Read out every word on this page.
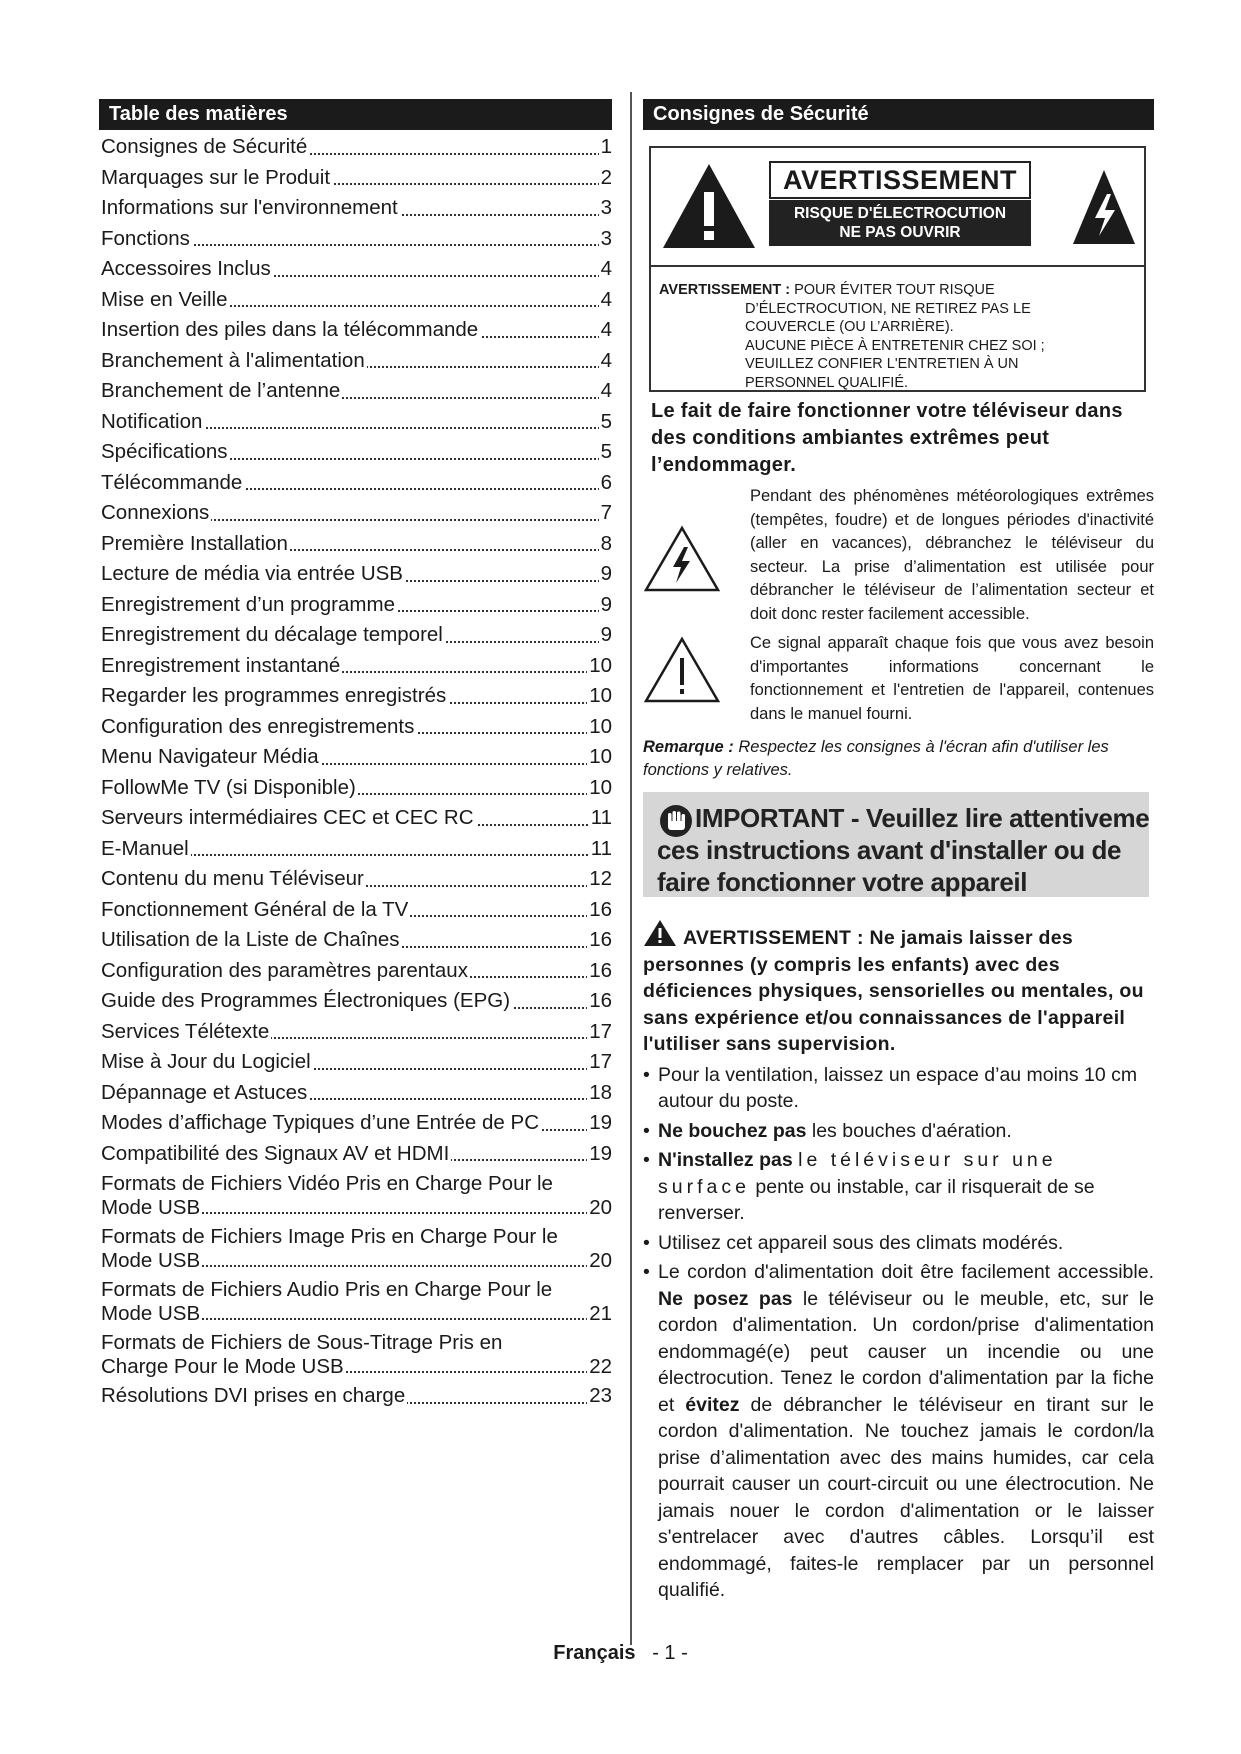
Table des matières
Consignes de Sécurité	1
Marquages sur le Produit	2
Informations sur l'environnement	3
Fonctions	3
Accessoires Inclus	4
Mise en Veille	4
Insertion des piles dans la télécommande	4
Branchement à l'alimentation	4
Branchement de l’antenne	4
Notification	5
Spécifications	5
Télécommande	6
Connexions	7
Première Installation	8
Lecture de média via entrée USB	9
Enregistrement d’un programme	9
Enregistrement du décalage temporel	9
Enregistrement instantané	10
Regarder les programmes enregistrés	10
Configuration des enregistrements	10
Menu Navigateur Média	10
FollowMe TV (si Disponible)	10
Serveurs intermédiaires CEC et CEC RC	11
E-Manuel	11
Contenu du menu Téléviseur	12
Fonctionnement Général de la TV	16
Utilisation de la Liste de Chaînes	16
Configuration des paramètres parentaux	16
Guide des Programmes Électroniques (EPG)	16
Services Télétexte	17
Mise à Jour du Logiciel	17
Dépannage et Astuces	18
Modes d’affichage Typiques d’une Entrée de PC 19
Compatibilité des Signaux AV et HDMI	19
Formats de Fichiers Vidéo Pris en Charge Pour le
Mode USB	20
Formats de Fichiers Image Pris en Charge Pour le
Mode USB	20
Formats de Fichiers Audio Pris en Charge Pour le
Mode USB	21
Formats de Fichiers de Sous-Titrage Pris en
Charge Pour le Mode USB	22
Résolutions DVI prises en charge	23
Consignes de Sécurité
AVERTISSEMENT
RISQUE D'ÉLECTROCUTION
NE PAS OUVRIR
AVERTISSEMENT : POUR ÉVITER TOUT RISQUE
D’ÉLECTROCUTION, NE RETIREZ PAS LE
COUVERCLE (OU L’ARRIÈRE).
AUCUNE PIÈCE À ENTRETENIR CHEZ SOI ;
VEUILLEZ CONFIER L'ENTRETIEN À UN
PERSONNEL QUALIFIÉ.
Le fait de faire fonctionner votre téléviseur dans des conditions ambiantes extrêmes peut l’endommager.
Pendant des phénomènes météorologiques extrêmes (tempêtes, foudre) et de longues périodes d'inactivité (aller en vacances), débranchez le téléviseur du secteur. La prise d’alimentation est utilisée pour débrancher le téléviseur de l’alimentation secteur et doit donc rester facilement accessible.
Ce signal apparaît chaque fois que vous avez besoin d'importantes informations concernant le fonctionnement et l'entretien de l'appareil, contenues dans le manuel fourni.
Remarque : Respectez les consignes à l'écran afin d'utiliser les fonctions y relatives.
IMPORTANT - Veuillez lire attentiveme
ces instructions avant d'installer ou de
faire fonctionner votre appareil
AVERTISSEMENT : Ne jamais laisser des personnes (y compris les enfants) avec des déficiences physiques, sensorielles ou mentales, ou sans expérience et/ou connaissances de l'appareil l'utiliser sans supervision.
• Pour la ventilation, laissez un espace d’au moins 10 cm autour du poste.
• Ne bouchez pas les bouches d'aération.
• N'installez pas le téléviseur sur une surface pente ou instable, car il risquerait de se renverser.
• Utilisez cet appareil sous des climats modérés.
• Le cordon d'alimentation doit être facilement accessible. Ne posez pas le téléviseur ou le meuble, etc, sur le cordon d'alimentation. Un cordon/prise d'alimentation endommagé(e) peut causer un incendie ou une électrocution. Tenez le cordon d'alimentation par la fiche et évitez de débrancher le téléviseur en tirant sur le cordon d'alimentation. Ne touchez jamais le cordon/la prise d’alimentation avec des mains humides, car cela pourrait causer un court-circuit ou une électrocution. Ne jamais nouer le cordon d'alimentation or le laisser s'entrelacer avec d'autres câbles. Lorsqu’il est endommagé, faites-le remplacer par un personnel qualifié.
Français - 1 -
